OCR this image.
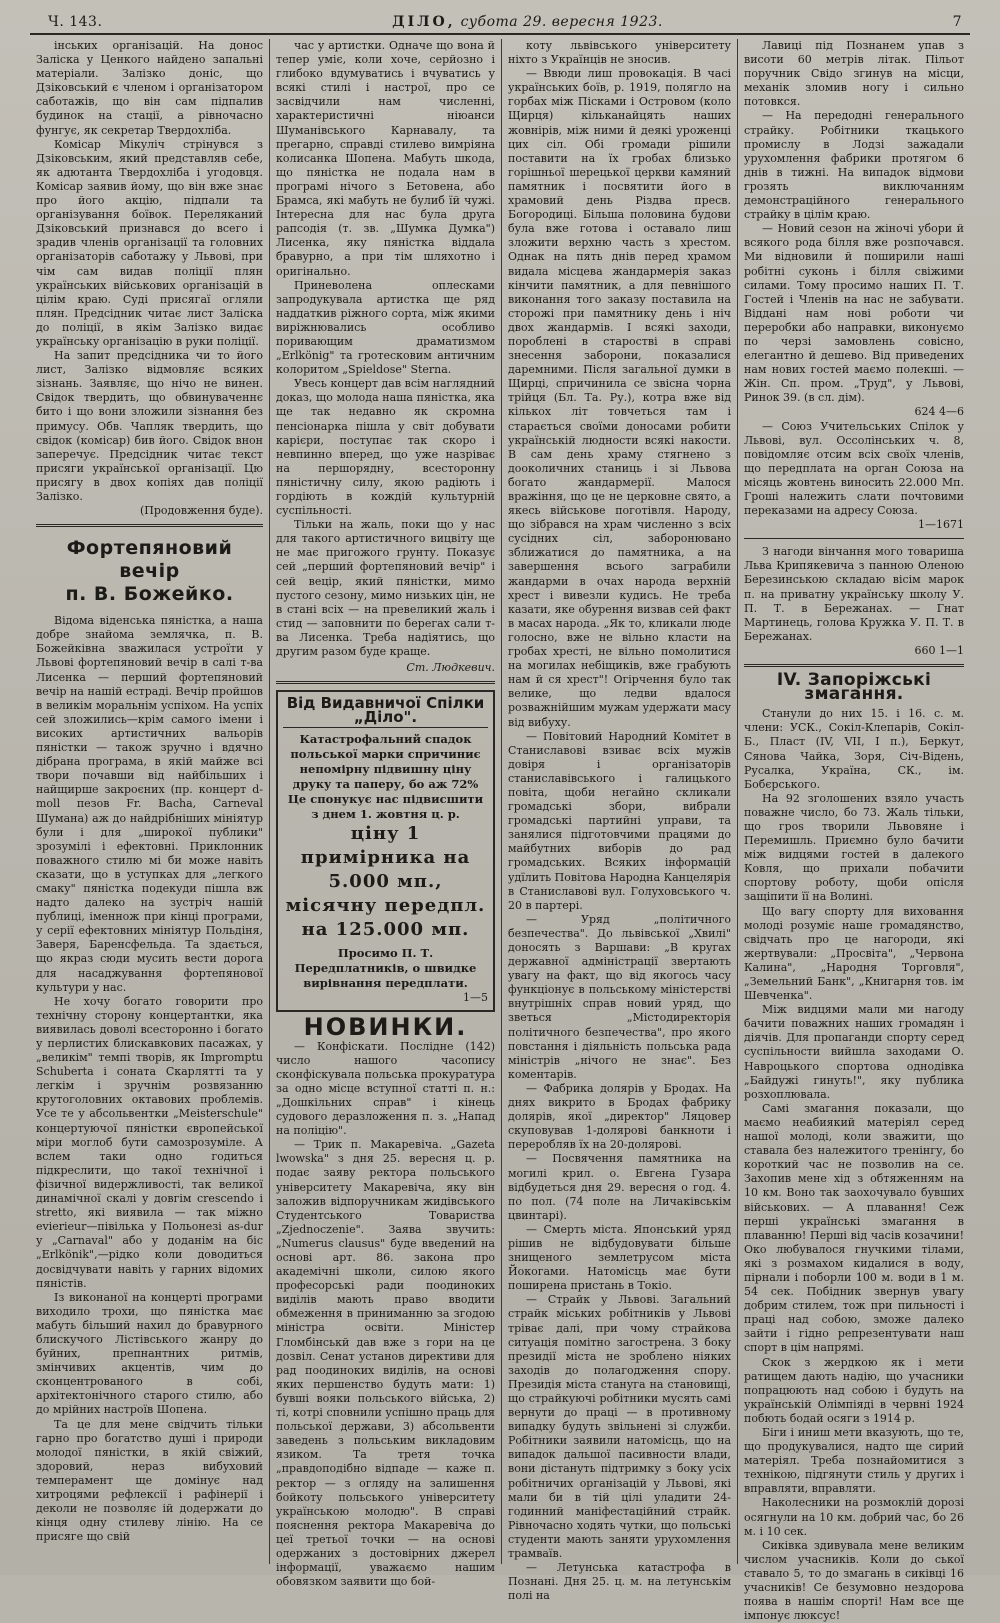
Ч. 143.	ДІЛО, субота 29. вересня 1923.	7

інських організацій. На донос Заліска у Ценкого найдено запальні матеріали. Залізко доніс, що Дзіковський є членом і організатором саботажів, що він сам підпалив будинок на стації, а рівночасно фунгує, як секретар Твердохліба.

Комісар Мікуліч стрінувся з Дзіковським, який представляв себе, як адютанта Твердохліба і угодовця. Комісар заявив йому, що він вже знає про його акцію, підпали та організування боївок. Переляканий Дзіковський признався до всего і зрадив членів організації та головних організаторів саботажу у Львові, при чім сам видав поліції плян українських військових організацій в цілім краю. Суді присягаї огляли плян. Предсідник читає лист Заліска до поліції, в якім Залізко видає українську організацію в руки поліції.

На запит предсідника чи то його лист, Залізко відмовляє всяких зізнань. Заявляє, що нічо не винен. Свідок твердить, що обвинуваченнє бито і що вони зложили зізнання без примусу. Обв. Чапляк твердить, що свідок (комісар) бив його. Свідок внон заперечує. Предсідник читає текст присяги української організації. Цю присягу в двох копіях дав поліції Залізко.

(Продовження буде).

Фортепяновий вечір
п. В. Божейко.

Відома віденська пяністка, а наша добре знайома землячка, п. В. Божейківна зважилася устроїти у Львові фортепяновий вечір в салі т-ва Лисенка — перший фортепяновий вечір на нашій естраді. Вечір пройшов в великім моральнім успіхом. На успіх сей зложились—крім самого імени і високих артистичних вальорів пяністки — також зручно і вдячно дібрана програма, в якій майже всі твори почавши від найбільших і найщирше закроєних (пр. концерт d-moll пезов Fr. Bacha, Carneval Шумана) аж до найдрібніших мініятур були і для „широкої публики" зрозумілі і ефектовні. Приклонник поважного стилю мі би може навіть сказати, що в уступках для „легкого смаку" пяністка подекуди пішла вж надто далеко на зустріч нашій публиці, іменнож при кінці програми, у серії ефектовних мініятур Польдіня, Заверя, Баренсфельда. Та здається, що якраз сюди мусить вести дорога для насаджування фортепянової культури у нас.

Не хочу богато говорити про технічну сторону концертантки, яка виявилась доволі всесторонно і богато у перлистих блискавкових пасажах, у „великім" темпі творів, як Impromptu Schuberta і сонатa Скарлятті та у легкім і зручнім розвязанню крутоголовних октавових проблемів. Усе те у абсольвентки „Meisterschule" концертуючої пяністки європейської міри моглоб бути самозрозуміле. А вслем таки одно годиться підкреслити, що такої технічної і фізичної видержливості, так великої динамічної скалі у довгім crescendo і stretto, які виявила — так міжно evierieur—півілька у Польонезі as-dur у „Carnaval" або у доданім на біс „Erlkönik",—рідко коли доводиться досвідчувати навіть у гарних відомих пяністів.

Із виконаної на концерті програми виходило трохи, що пяністка має мабуть більший нахил до бравурного блискучого Лістівського жанру до буйних, препнантних ритмів, змінчивих акцентів, чим до сконцентрованого в собі, архітектонічного старого стилю, або до мрійних настроїв Шопена.

Та це для мене свідчить тільки гарно про богатство душі і природи молодої пяністки, в якій свіжий, здоровий, нераз вибуховий темперамент ще домінує над хитроцями рефлексії і рафінерії і деколи не позволяє ій додержати до кінця одну стилеву лінію. На се присяге що свій

час у артистки. Одначе що вона й тепер уміє, коли хоче, серйозно і глибоко вдумуватись і вчуватись у всякі стилі і настрої, про се засвідчили нам численні, характеристичні ніюанси Шуманівського Карнавалу, та прегарно, справді стилево вимріяна колисанка Шопена. Мабуть шкода, що пяністка не подала нам в програмі нічого з Бетовена, або Брамса, які мабуть не булиб їй чужі. Інтересна для нас була друга рапсодія (т. зв. „Шумка Думка") Лисенка, яку пяністка віддала бравурно, а при тім шляхотно і оригінально.

Приневолена оплесками запродукувала артистка ще ряд наддаткив ріжного сорта, між якими виріжнювались особливо поривающим драматизмом „Erlkönig" та гротесковим античним колоритом „Spieldose" Sterna.

Увесь концерт дав всім наглядний доказ, що молода наша пяністка, яка ще так недавно як скромна пенсіонарка пішла у світ добувати карієри, поступає так скоро і невпинно вперед, що уже назріває на першорядну, всесторонну пяністичну силу, якою радіють і гордіють в кождій культурній суспільності.

Тільки на жаль, поки що у нас для такого артистичного вицвіту ще не має пригожого грунту. Показує сей „перший фортепяновий вечір" і сей вецір, який пяністки, мимо пустого сезону, мимо низьких цін, не в стані всіх — на превеликий жаль і стид — заповнити по берегах сали т-ва Лисенка. Треба надіятись, що другим разом буде краще.

Ст. Людкевич.

Від Видавничої Спілки „Діло".

Катастрофальний спадок польської марки спричиниє непомірну підвишну ціну друку та паперу, бо аж 72% Це спонукує нас підвисшити з днем 1. жовтня ц. р.

ціну 1 примірника на 5.000 мп.,

місячну передпл. на 125.000 мп.

Просимо П. Т. Передплатників, о швидке вирівнання передплати.

1—5

НОВИНКИ.

— Конфіскати. Послідне (142) число нашого часопису сконфіскувала польська прокуратура за одно місце вступної статті п. н.: „Дошкільних справ" і кінець судового деразложення п. з. „Напад на поліцію".

— Трик п. Макаревіча. „Gazeta lwowska" з дня 25. вересня ц. р. подає заяву ректора польського університету Макаревіча, яку він заложив відпоручникам жидівського Студентського Товариства „Zjednoczenie". Заява звучить: „Numerus clausus" буде введений на основі арт. 86. закона про академічні школи, силою якого професорські ради поодиноких виділів мають право вводити обмеження в приниманню за згодою міністра освіти. Міністер Гломбінськй дав вже з гори на це дозвіл. Сенат установ директиви для рад поодиноких виділів, на основі яких першенство будуть мати: 1) бувші вояки польського війська, 2) ті, котрі сповнили успішно праць для польської держави, 3) абсольвенти заведень з польським викладовим язиком. Та третя точка „правдоподібно відпаде — каже п. ректор — з огляду на залишення бойкоту польського університету українською молодю". В справі пояснення ректора Макаревіча до цеї третьої точки — на основі одержаних з достовірних джерел інформації, уважаємо нашим обовязком заявити що бой-

коту львівського університету ніхто з Українців не зносив.

— Ввюди лиш провокація. В часі українських боїв, р. 1919, полягло на горбах між Пісками і Островом (коло Щирця) кільканайцять наших жовнірів, між ними й деякі уроженці цих сіл. Обі громади рішили поставити на їх гробах близько горішньої шерецької церкви камяний памятник і посвятити його в храмовий день Різдва пресв. Богородиці. Більша половина будови була вже готова і оставало лиш зложити верхню часть з хрестом. Однак на пять днів перед храмом видала місцева жандармерія заказ кінчити памятник, а для певнішого виконання того заказу поставила на сторожі при памятнику день і ніч двох жандармів. І всякі заходи, пороблені в старостві в справі знесення заборони, показалися даремними. Після загальної думки в Щирці, спричинила се звісна чорна трійця (Бл. Та. Ру.), котра вже від кількох літ товчеться там і старається своїми доносами робити українській людности всякі накости. В сам день храму стягнено з дооколичних станиць і зі Львова богато жандармерії. Малося вражіння, що це не церковне свято, а якесь військове поготівля. Народу, що зібрався на храм численно з всіх сусідних сіл, заборонювано зближатися до памятника, а на завершення всього заграбили жандарми в очах народа верхній хрест і вивезли кудись. Не треба казати, яке обурення визвав сей факт в масах народа. „Як то, кликали люде голосно, вже не вільно класти на гробах хресті, не вільно помолитися на могилах небіщиків, вже грабують нам й ся хрест"! Огірчення було так велике, що ледви вдалося розважнійшим мужам удержати масу від вибуху.

— Повітовий Народний Комітет в Станиславові взиває всіх мужів довіря і організаторів станиславівського і галицького повіта, щоби негайно скликали громадські збори, вибрали громадські партийні управи, та занялися підготовчими працями до майбутних виборів до рад громадських. Всяких інформацій удїлить Повітова Народна Канцелярія в Станиславові вул. Голуховського ч. 20 в партері.

— Уряд „політичного безпечества". До львівської „Хвилі" доносять з Варшави: „В кругах державної адміністрації звертають увагу на факт, що від якогось часу функціонує в польському міністерстві внутрішніх справ новий уряд, що зветься „Мiстодиректорія політичного безпечества", про якого повстання і діяльність польська рада міністрів „нічого не знає". Без коментарів.

— Фабрика долярів у Бродах. На днях викрито в Бродах фабрику долярів, якої „директор" Ляцовер скуповував 1-долярові банкноти і переробляв їх на 20-долярові.

— Посвячення памятника на могилі крил. о. Евгена Гузара відбудеться дня 29. вересня о год. 4. по пол. (74 поле на Личаківськім цвинтарі).

— Смерть міста. Японський уряд рішив не відбудовувати більше знищеного землетрусом міста Йокогами. Натомісць має бути поширена пристань в Токіо.

— Страйк у Львові. Загальний страйк міських робітників у Львові тріває далі, при чому страйкова ситуація помітно загострена. З боку президії міста не зроблено ніяких заходів до полагодження спору. Президія міста стануга на становищі, що страйкуючі робітники мусять самі вернути до праці — в противному випадку будуть звільнені зі служби. Робітники заявили натомісць, що на випадок дальшої пасивности влади, вони дістануть підтримку з боку усіх робітничих організацій у Львові, які мали би в тій цілі уладити 24-годинний маніфестаційний страйк. Рівночасно ходять чутки, що польські студенти мають заняти урухомлення трамваїв.

— Летунська катастрофа в Познані. Дня 25. ц. м. на летунськім полі на

Лавиці під Познанем упав з висоти 60 метрів літак. Пільот поручник Свідо згинув на місци, механік зломив ногу і сильно потовкся.

— На передодні генерального страйку. Робітники ткацького промислу в Лодзі зажадали урухомлення фабрики протягом 6 днів в тижні. На випадок відмови грозять виключанням демонстраційного генерального страйку в цілім краю.

— Новий сезон на жіночі убори й всякого рода білля вже розпочався. Ми відновили й поширили наші робітні суконь і білля свіжими силами. Тому просимо наших П. Т. Гостей і Членів на нас не забувати. Віддані нам нові роботи чи переробки або направки, виконуємо по черзі замовлень совісно, елегантно й дешево. Від приведених нам нових гостей маємо полекші. — Жін. Сп. пром. „Труд", у Львові, Ринок 39. (в сл. дім).

624 4—6

— Союз Учительських Спілок у Львові, вул. Оссолінських ч. 8, повідомляє отсим всіх своїх членів, що передплата на орган Союза на місяць жовтень виносить 22.000 Мп. Гроші належить слати почтовими переказами на адресу Союза.

1—1671

З нагоди вінчання мого товариша Льва Крипякевича з панною Оленою Березинською складаю вісім марок п. на приватну українську школу У. П. Т. в Бережанах. — Гнат Мартинець, голова Кружка У. П. Т. в Бережанах.

660 1—1

IV. Запоріжські змагання.

Станули до них 15. і 16. с. м. члени: УСК., Сокіл-Клепарів, Сокіл-Б., Пласт (IV, VII, I п.), Беркут, Сянова Чайка, Зоря, Січ-Відень, Русалка, Україна, СК., ім. Бобєрського.

На 92 зголошених взяло участь поважне число, бо 73. Жаль тільки, що гроs творили Львовяне і Перемишль. Приємно було бачити між видцями гостей в далекого Ковля, що прихали побачити спортову роботу, щоби опісля защіпити її на Волині.

Що вагу спорту для виховання молоді розуміє наше громадянство, свідчать про це нагороди, які жертвували: „Просвіта", „Червона Калина", „Народня Торговля", „Земельний Банк", „Книгарня тов. ім Шевченка".

Між видцями мали ми нагоду бачити поважних наших громадян і діячів. Для пропаганди спорту серед суспільности вийшла заходами О. Навроцького спортова однодівка „Байдужі гинуть!", яку публика розхоплювала.

Самі змагання показали, що маємо неабиякий матеріял серед нашої молоді, коли зважити, що ставала без належитого тренінгу, бо короткий час не позволив на се. Захопив мене хід з обтяженням на 10 км. Воно так заохочувало бувших військових. — А плавання! Сеж перші українські змагання в плаванню! Перші від часів козачини! Око любувалося гнучкими тілами, які з розмахом кидалися в воду, пірнали і поборли 100 м. води в 1 м. 54 сек. Побідник звернув увагу добрим стилем, тож при пильності і праці над собою, зможе далеко зайти і гідно репрезентувати наш спорт в цім напрямі.

Скок з жердкою як і мети ратищем дають надію, що учасники попрацюють над собою і будуть на українській Олімпіяді в червні 1924 побють бодай осяги з 1914 р.

Біги і иниш мети вказують, що те, що продукувалися, надто ще сирий матеріял. Треба познайомитися з технікою, підгянути стиль у других і вправляти, вправляти.

Наколесники на розмоклій дорозі осягнули на 10 км. добрий час, бо 26 м. і 10 сек.

Сиківка здивувала мене великим числом учасників. Коли до ської ставало 5, то до змагань в сиківці 16 учасників! Се безумовно нездорова поява в нашім спорті! Нам все ще імпонує люксус!
